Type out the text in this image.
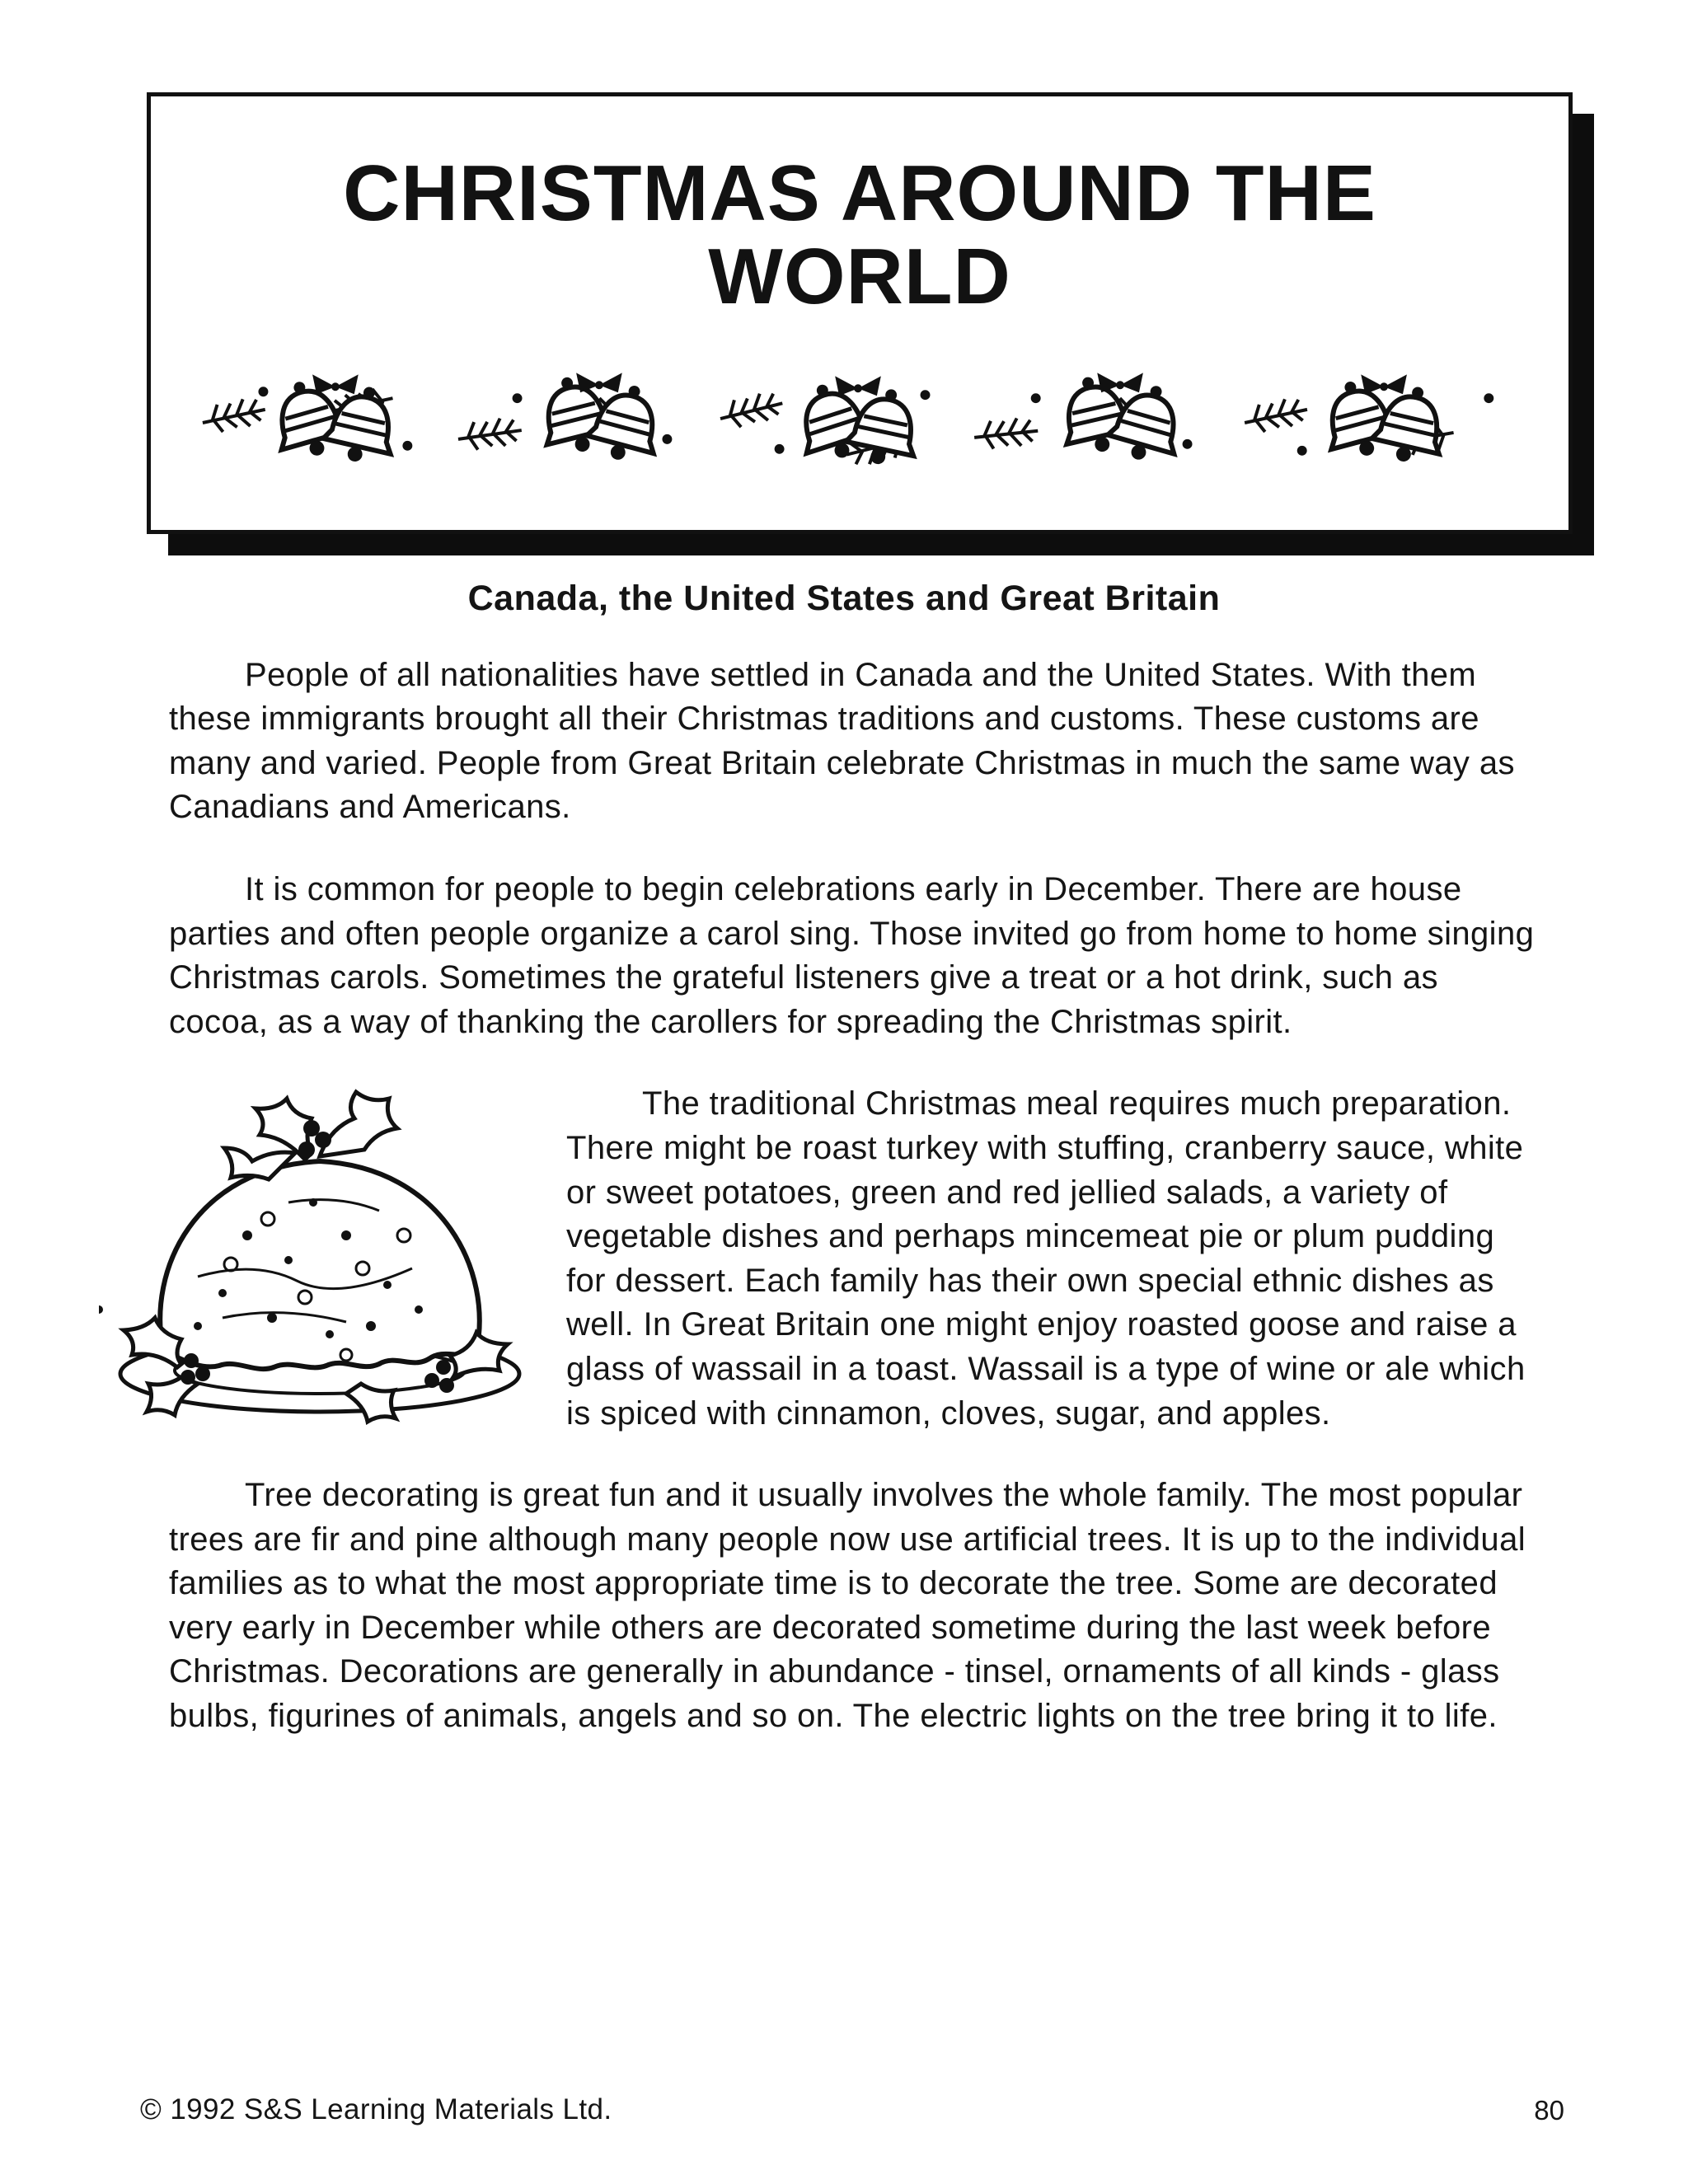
CHRISTMAS AROUND THE WORLD
Canada, the United States and Great Britain

People of all nationalities have settled in Canada and the United States. With them these immigrants brought all their Christmas traditions and customs. These customs are many and varied. People from Great Britain celebrate Christmas in much the same way as Canadians and Americans.

It is common for people to begin celebrations early in December. There are house parties and often people organize a carol sing. Those invited go from home to home singing Christmas carols. Sometimes the grateful listeners give a treat or a hot drink, such as cocoa, as a way of thanking the carollers for spreading the Christmas spirit.

The traditional Christmas meal requires much preparation. There might be roast turkey with stuffing, cranberry sauce, white or sweet potatoes, green and red jellied salads, a variety of vegetable dishes and perhaps mincemeat pie or plum pudding for dessert. Each family has their own special ethnic dishes as well. In Great Britain one might enjoy roasted goose and raise a glass of wassail in a toast. Wassail is a type of wine or ale which is spiced with cinnamon, cloves, sugar, and apples.

Tree decorating is great fun and it usually involves the whole family. The most popular trees are fir and pine although many people now use artificial trees. It is up to the individual families as to what the most appropriate time is to decorate the tree. Some are decorated very early in December while others are decorated sometime during the last week before Christmas. Decorations are generally in abundance - tinsel, ornaments of all kinds - glass bulbs, figurines of animals, angels and so on. The electric lights on the tree bring it to life.

© 1992 S&S Learning Materials Ltd.	80
